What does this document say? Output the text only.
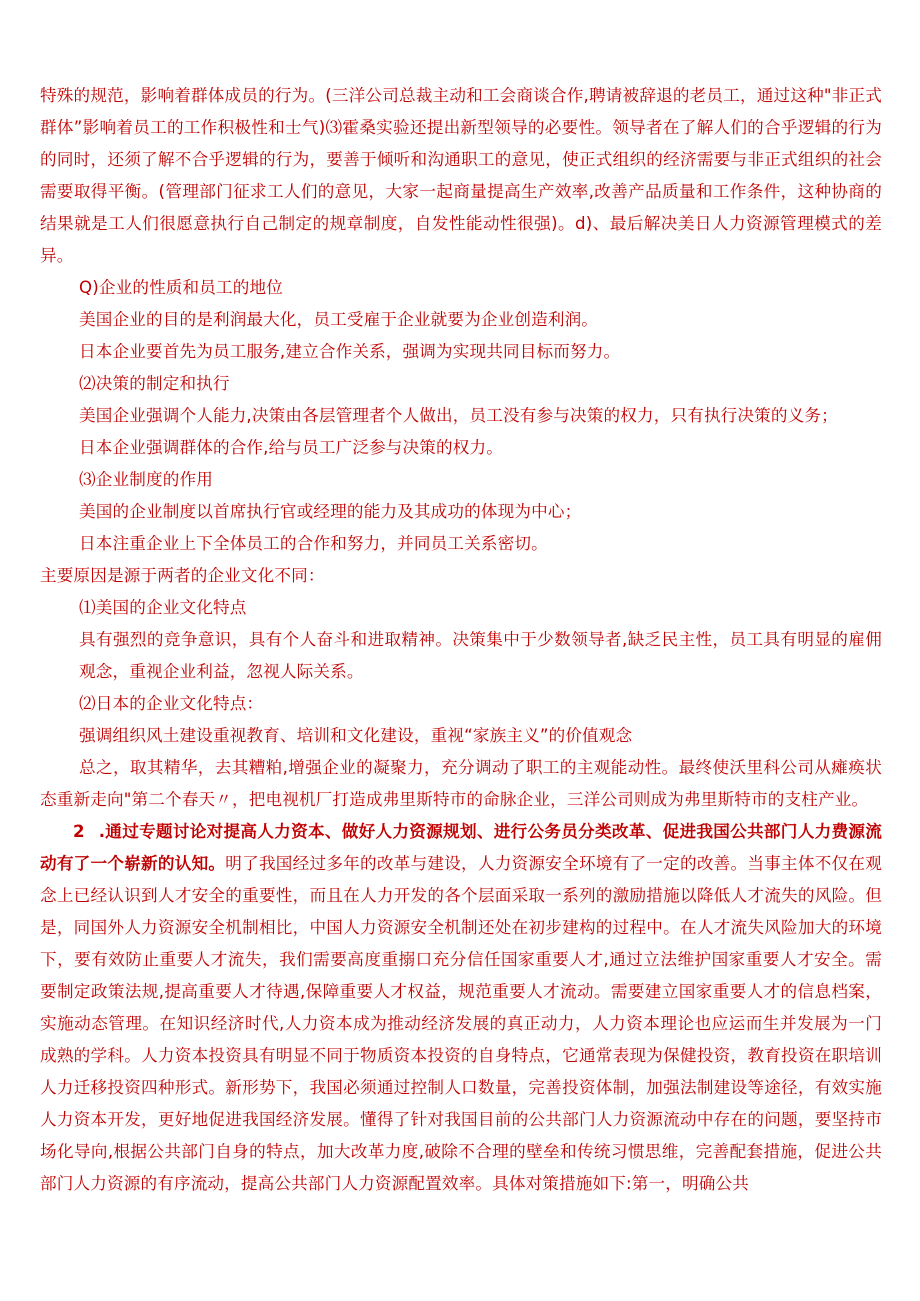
特殊的规范，影响着群体成员的行为。(三洋公司总裁主动和工会商谈合作,聘请被辞退的老员工，通过这种"非正式群体”影响着员工的工作积极性和士气)⑶霍桑实验还提出新型领导的必要性。领导者在了解人们的合乎逻辑的行为的同时，还须了解不合乎逻辑的行为，要善于倾听和沟通职工的意见，使正式组织的经济需要与非正式组织的社会需要取得平衡。(管理部门征求工人们的意见，大家一起商量提高生产效率,改善产品质量和工作条件，这种协商的结果就是工人们很愿意执行自己制定的规章制度，自发性能动性很强)。d)、最后解决美日人力资源管理模式的差异。

Q)企业的性质和员工的地位

美国企业的目的是利润最大化，员工受雇于企业就要为企业创造利润。

日本企业要首先为员工服务,建立合作关系，强调为实现共同目标而努力。

⑵决策的制定和执行

美国企业强调个人能力,决策由各层管理者个人做出，员工没有参与决策的权力，只有执行决策的义务；

日本企业强调群体的合作,给与员工广泛参与决策的权力。

⑶企业制度的作用

美国的企业制度以首席执行官或经理的能力及其成功的体现为中心；

日本注重企业上下全体员工的合作和努力，并同员工关系密切。

主要原因是源于两者的企业文化不同：

⑴美国的企业文化特点

具有强烈的竞争意识，具有个人奋斗和进取精神。决策集中于少数领导者,缺乏民主性，员工具有明显的雇佣观念，重视企业利益，忽视人际关系。

⑵日本的企业文化特点：

强调组织风土建设重视教育、培训和文化建设，重视“家族主义”的价值观念

总之，取其精华，去其糟粕,增强企业的凝聚力，充分调动了职工的主观能动性。最终使沃里科公司从瘫痪状态重新走向"第二个春天〃，把电视机厂打造成弗里斯特市的命脉企业，三洋公司则成为弗里斯特市的支柱产业。

2 .通过专题讨论对提高人力资本、做好人力资源规划、进行公务员分类改革、促进我国公共部门人力费源流动有了一个崭新的认知。明了我国经过多年的改革与建设，人力资源安全环境有了一定的改善。当事主体不仅在观念上已经认识到人才安全的重要性，而且在人力开发的各个层面采取一系列的激励措施以降低人才流失的风险。但是，同国外人力资源安全机制相比，中国人力资源安全机制还处在初步建构的过程中。在人才流失风险加大的环境下，要有效防止重要人才流失，我们需要高度重搦口充分信任国家重要人才,通过立法维护国家重要人才安全。需要制定政策法规,提高重要人才待遇,保障重要人才权益，规范重要人才流动。需要建立国家重要人才的信息档案，实施动态管理。在知识经济时代,人力资本成为推动经济发展的真正动力，人力资本理论也应运而生并发展为一门成熟的学科。人力资本投资具有明显不同于物质资本投资的自身特点，它通常表现为保健投资，教育投资在职培训人力迁移投资四种形式。新形势下，我国必须通过控制人口数量，完善投资体制，加强法制建设等途径，有效实施人力资本开发，更好地促进我国经济发展。懂得了针对我国目前的公共部门人力资源流动中存在的问题，要坚持市场化导向,根据公共部门自身的特点，加大改革力度,破除不合理的壁垒和传统习惯思维，完善配套措施，促进公共部门人力资源的有序流动，提高公共部门人力资源配置效率。具体对策措施如下:第一，明确公共
